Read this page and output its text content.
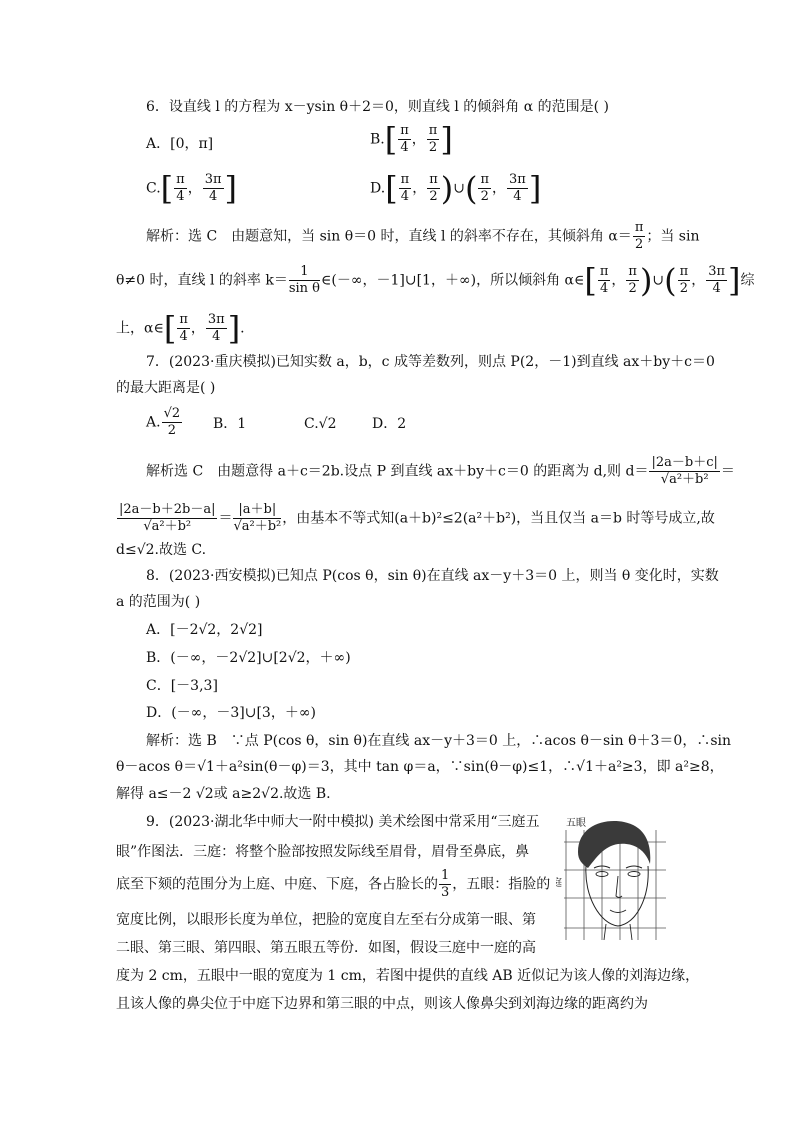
6．设直线 l 的方程为 x－ysin θ＋2＝0，则直线 l 的倾斜角 α 的范围是( )
A．[0，π]	$B.[ \frac{\pi}{4}$ ， $\frac{\pi}{2}$ ]
$C.[ \frac{\pi}{4}$ ， $\frac{3\pi}{4}$ ]	$D.[ \frac{\pi}{4}$ ， $\frac{\pi}{2}$ )∪( $\frac{\pi}{2}$ ， $\frac{3\pi}{4}$ ]
解析：选 C　由题意知，当 sin θ＝0 时，直线 l 的斜率不存在，其倾斜角 $\alpha= \frac{\pi}{2}$ ；当 sin
θ≠0 时，直线 l 的斜率 $k= \frac{1}{\text{sin θ}}$ ∈(－∞，－1]∪[1，＋∞)，所以倾斜角 α∈[ $\frac{\pi}{4}$ ， $\frac{\pi}{2}$ )∪( $\frac{\pi}{2}$ ， $\frac{3\pi}{4}$ ]综
上，α∈[ $\frac{\pi}{4}$ ， $\frac{3\pi}{4}$ ].
7．(2023·重庆模拟)已知实数 a，b，c 成等差数列，则点 P(2，－1)到直线 ax＋by＋c＝0
的最大距离是( )
A. $\frac{√2}{2}$ B．1	C.√2	D．2
解析选 C　由题意得 a＋c＝2b.设点 P 到直线 ax＋by＋c＝0 的距离为 d,则 $d= \frac{|2a-b+c|}{\text{√a²＋b²}}$ ＝
$\frac{|2a-b+2b-a|}{\text{√a²＋b²}} = \frac{|a+b|}{\text{√a²＋b²}}$ ，由基本不等式知(a＋b)²≤2(a²＋b²)，当且仅当 a＝b 时等号成立,故
d≤√2.故选 C.
8．(2023·西安模拟)已知点 P(cos θ，sin θ)在直线 ax－y＋3＝0 上，则当 θ 变化时，实数
a 的范围为( )
A．[－2√2，2√2]
B．(－∞，－2√2]∪[2√2，＋∞)
C．[－3,3]
D．(－∞，－3]∪[3，＋∞)
解析：选 B　∵点 P(cos θ，sin θ)在直线 ax－y＋3＝0 上，∴acos θ－sin θ＋3＝0，∴sin
θ－acos θ＝√1＋a²sin(θ－φ)＝3，其中 tan φ＝a，∵sin(θ－φ)≤1，∴√1＋a²≥3，即 a²≥8，
解得 a≤－2 √2或 a≥2√2.故选 B.
9．(2023·湖北华中师大一附中模拟) 美术绘图中常采用“三庭五
眼”作图法．三庭：将整个脸部按照发际线至眉骨，眉骨至鼻底，鼻
底至下颏的范围分为上庭、中庭、下庭，各占脸长的 $\frac{1}{3}$ ，五眼：指脸的
宽度比例，以眼形长度为单位，把脸的宽度自左至右分成第一眼、第
二眼、第三眼、第四眼、第五眼五等份．如图，假设三庭中一庭的高
度为 2 cm，五眼中一眼的宽度为 1 cm，若图中提供的直线 AB 近似记为该人像的刘海边缘，
且该人像的鼻尖位于中庭下边界和第三眼的中点，则该人像鼻尖到刘海边缘的距离约为
五眼
庭
